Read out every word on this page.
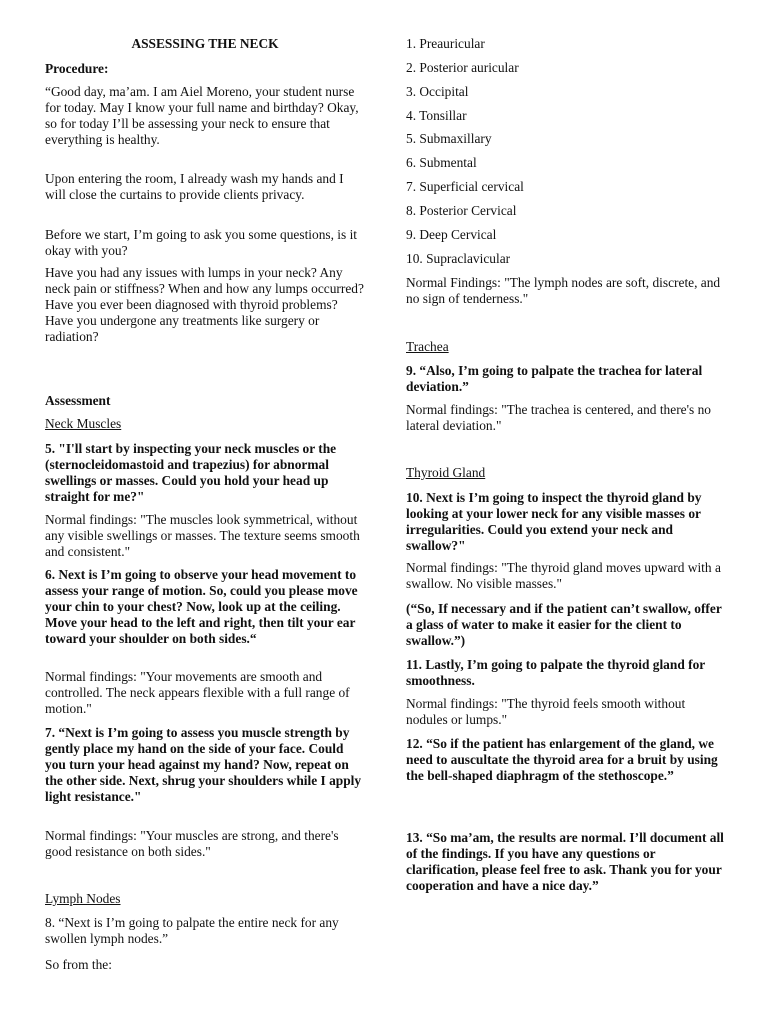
ASSESSING THE NECK

Procedure:

“Good day, ma’am. I am Aiel Moreno, your student nurse for today. May I know your full name and birthday? Okay, so for today I’ll be assessing your neck to ensure that everything is healthy.

Upon entering the room, I already wash my hands and I will close the curtains to provide clients privacy.

Before we start, I’m going to ask you some questions, is it okay with you?

Have you had any issues with lumps in your neck? Any neck pain or stiffness? When and how any lumps occurred? Have you ever been diagnosed with thyroid problems? Have you undergone any treatments like surgery or radiation?

Assessment

Neck Muscles

5. "I'll start by inspecting your neck muscles or the (sternocleidomastoid and trapezius) for abnormal swellings or masses. Could you hold your head up straight for me?"

Normal findings: "The muscles look symmetrical, without any visible swellings or masses. The texture seems smooth and consistent."

6. Next is I’m going to observe your head movement to assess your range of motion. So, could you please move your chin to your chest? Now, look up at the ceiling. Move your head to the left and right, then tilt your ear toward your shoulder on both sides.“

Normal findings: "Your movements are smooth and controlled. The neck appears flexible with a full range of motion."

7. “Next is I’m going to assess you muscle strength by gently place my hand on the side of your face. Could you turn your head against my hand? Now, repeat on the other side. Next, shrug your shoulders while I apply light resistance."

Normal findings: "Your muscles are strong, and there's good resistance on both sides."

Lymph Nodes

8. “Next is I’m going to palpate the entire neck for any swollen lymph nodes.”

So from the:

1. Preauricular

2. Posterior auricular

3. Occipital

4. Tonsillar

5. Submaxillary

6. Submental

7. Superficial cervical

8. Posterior Cervical

9. Deep Cervical

10. Supraclavicular

Normal Findings: "The lymph nodes are soft, discrete, and no sign of tenderness."

Trachea

9. “Also, I’m going to palpate the trachea for lateral deviation.”

Normal findings: "The trachea is centered, and there's no lateral deviation."

Thyroid Gland

10. Next is I’m going to inspect the thyroid gland by looking at your lower neck for any visible masses or irregularities. Could you extend your neck and swallow?"

Normal findings: "The thyroid gland moves upward with a swallow. No visible masses."

(“So, If necessary and if the patient can’t swallow, offer a glass of water to make it easier for the client to swallow.”)

11. Lastly, I’m going to palpate the thyroid gland for smoothness.

Normal findings: "The thyroid feels smooth without nodules or lumps."

12. “So if the patient has enlargement of the gland, we need to auscultate the thyroid area for a bruit by using the bell-shaped diaphragm of the stethoscope.”

13. “So ma’am, the results are normal. I’ll document all of the findings. If you have any questions or clarification, please feel free to ask. Thank you for your cooperation and have a nice day.”
